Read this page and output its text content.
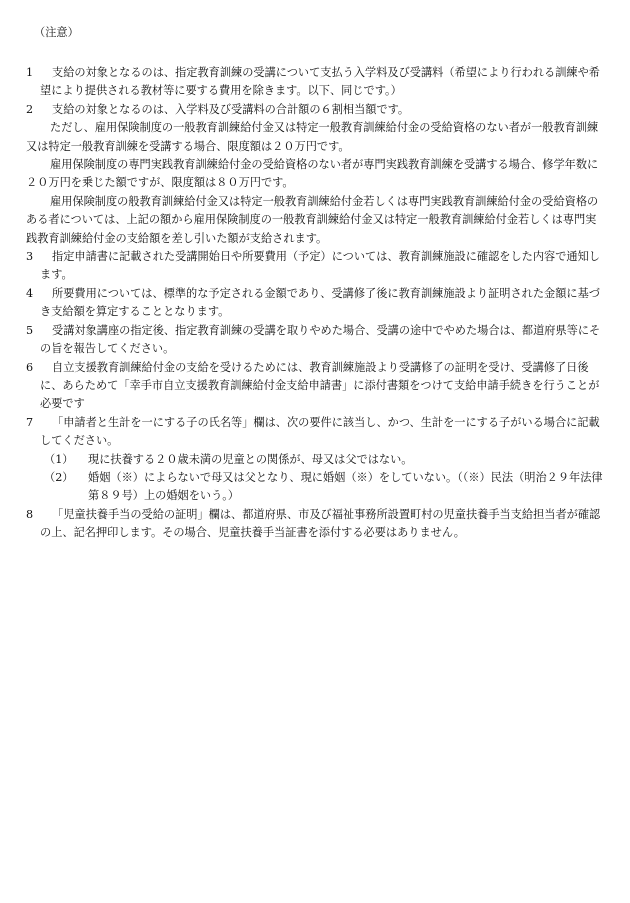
（注意）
1	支給の対象となるのは、指定教育訓練の受講について支払う入学料及び受講料（希望により行われる訓練や希望により提供される教材等に要する費用を除きます。以下、同じです。）
2	支給の対象となるのは、入学料及び受講料の合計額の６割相当額です。
ただし、雇用保険制度の一般教育訓練給付金又は特定一般教育訓練給付金の受給資格のない者が一般教育訓練又は特定一般教育訓練を受講する場合、限度額は２０万円です。
雇用保険制度の専門実践教育訓練給付金の受給資格のない者が専門実践教育訓練を受講する場合、修学年数に２０万円を乗じた額ですが、限度額は８０万円です。
雇用保険制度の般教育訓練給付金又は特定一般教育訓練給付金若しくは専門実践教育訓練給付金の受給資格のある者については、上記の額から雇用保険制度の一般教育訓練給付金又は特定一般教育訓練給付金若しくは専門実践教育訓練給付金の支給額を差し引いた額が支給されます。
3	指定申請書に記載された受講開始日や所要費用（予定）については、教育訓練施設に確認をした内容で通知します。
4	所要費用については、標準的な予定される金額であり、受講修了後に教育訓練施設より証明された金額に基づき支給額を算定することとなります。
5	受講対象講座の指定後、指定教育訓練の受講を取りやめた場合、受講の途中でやめた場合は、都道府県等にその旨を報告してください。
6	自立支援教育訓練給付金の支給を受けるためには、教育訓練施設より受講修了の証明を受け、受講修了日後に、あらためて「幸手市自立支援教育訓練給付金支給申請書」に添付書類をつけて支給申請手続きを行うことが必要です
7	「申請者と生計を一にする子の氏名等」欄は、次の要件に該当し、かつ、生計を一にする子がいる場合に記載してください。
（1）	現に扶養する２０歳未満の児童との関係が、母又は父ではない。
（2）	婚姻（※）によらないで母又は父となり、現に婚姻（※）をしていない。（（※）民法（明治２９年法律第８９号）上の婚姻をいう。）
8	「児童扶養手当の受給の証明」欄は、都道府県、市及び福祉事務所設置町村の児童扶養手当支給担当者が確認の上、記名押印します。その場合、児童扶養手当証書を添付する必要はありません。
